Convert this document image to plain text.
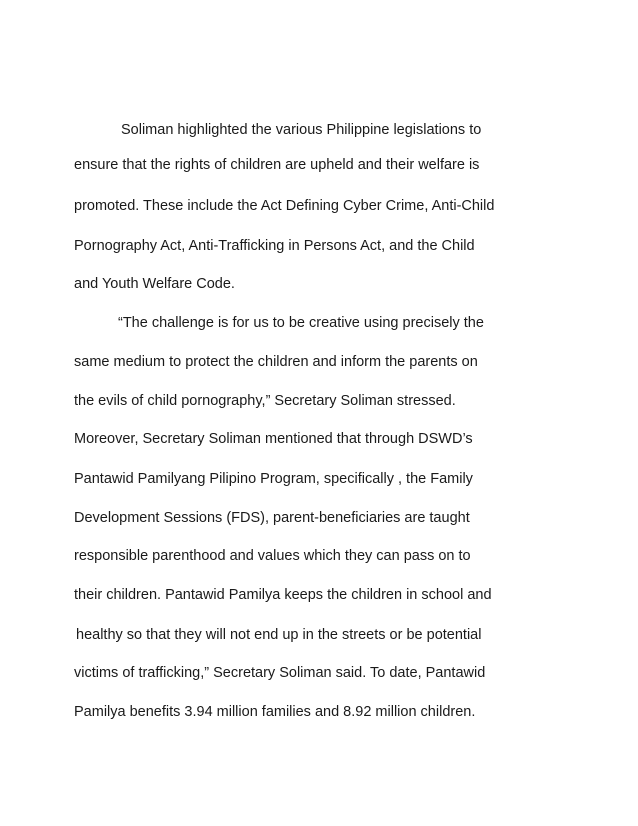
Soliman highlighted the various Philippine legislations to
ensure that the rights of children are upheld and their welfare is
promoted. These include the Act Defining Cyber Crime, Anti-Child
Pornography Act, Anti-Trafficking in Persons Act, and the Child
and Youth Welfare Code.
“The challenge is for us to be creative using precisely the
same medium to protect the children and inform the parents on
the evils of child pornography,” Secretary Soliman stressed.
Moreover, Secretary Soliman mentioned that through DSWD’s
Pantawid Pamilyang Pilipino Program, specifically , the Family
Development Sessions (FDS), parent-beneficiaries are taught
responsible parenthood and values which they can pass on to
their children. Pantawid Pamilya keeps the children in school and
healthy so that they will not end up in the streets or be potential
victims of trafficking,” Secretary Soliman said. To date, Pantawid
Pamilya benefits 3.94 million families and 8.92 million children.
